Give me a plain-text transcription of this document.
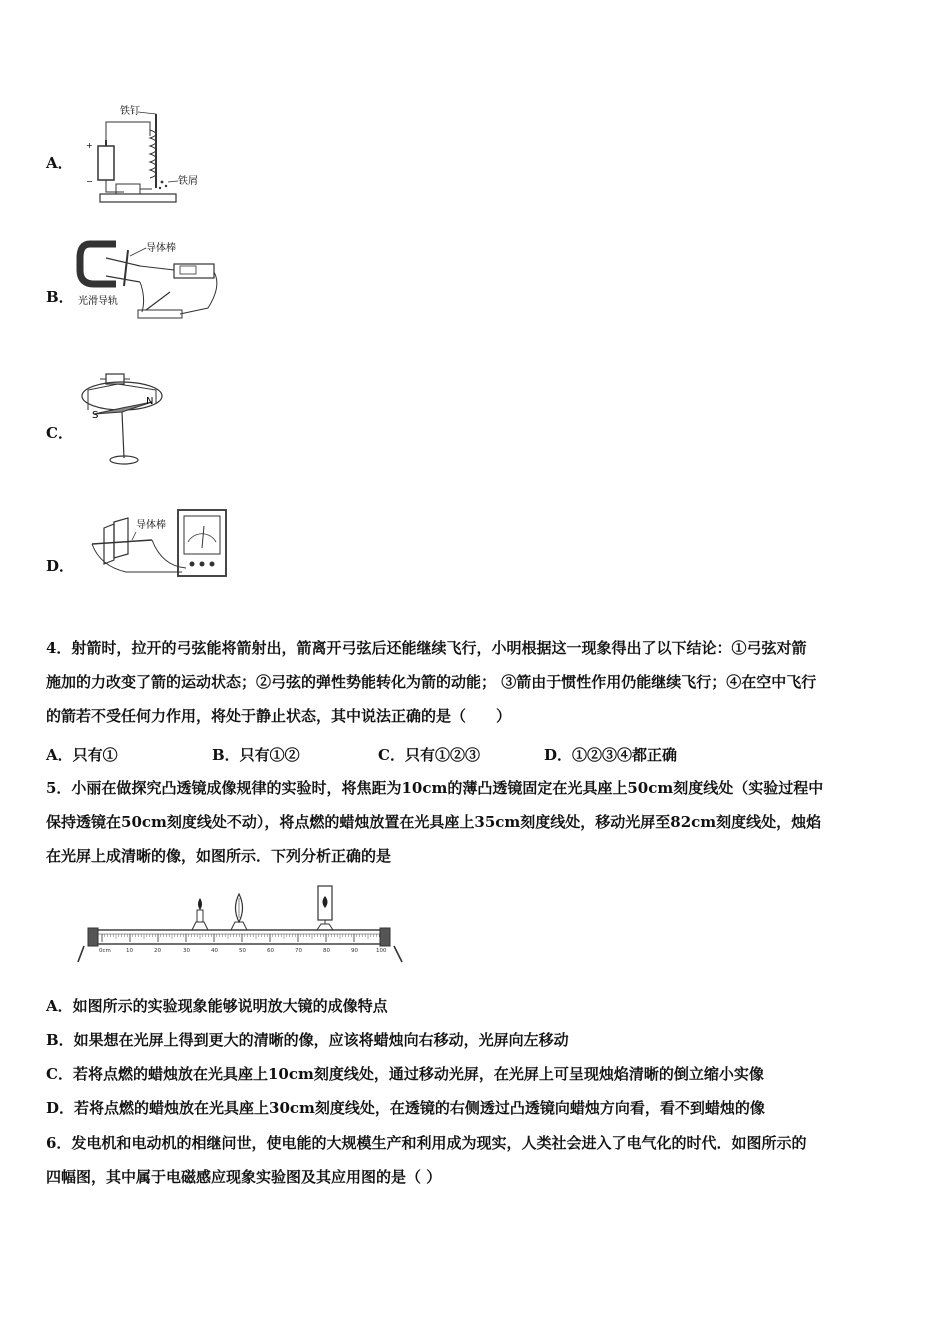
A．
+
−
铁钉
铁屑
B．
导体棒
光滑导轨
C．
S
N
D．
导体棒
4．射箭时，拉开的弓弦能将箭射出，箭离开弓弦后还能继续飞行，小明根据这一现象得出了以下结论：①弓弦对箭
施加的力改变了箭的运动状态；②弓弦的弹性势能转化为箭的动能； ③箭由于惯性作用仍能继续飞行；④在空中飞行
的箭若不受任何力作用，将处于静止状态，其中说法正确的是（　　）
A．只有①	B．只有①②	C．只有①②③	D．①②③④都正确
5．小丽在做探究凸透镜成像规律的实验时，将焦距为10cm的薄凸透镜固定在光具座上50cm刻度线处（实验过程中
保持透镜在50cm刻度线处不动），将点燃的蜡烛放置在光具座上35cm刻度线处，移动光屏至82cm刻度线处，烛焰
在光屏上成清晰的像，如图所示．下列分析正确的是
0cm	10	20	30	40	50	60	70	80	90	100
A．如图所示的实验现象能够说明放大镜的成像特点
B．如果想在光屏上得到更大的清晰的像，应该将蜡烛向右移动，光屏向左移动
C．若将点燃的蜡烛放在光具座上10cm刻度线处，通过移动光屏，在光屏上可呈现烛焰清晰的倒立缩小实像
D．若将点燃的蜡烛放在光具座上30cm刻度线处，在透镜的右侧透过凸透镜向蜡烛方向看，看不到蜡烛的像
6．发电机和电动机的相继问世，使电能的大规模生产和利用成为现实，人类社会进入了电气化的时代．如图所示的
四幅图，其中属于电磁感应现象实验图及其应用图的是（ ）
